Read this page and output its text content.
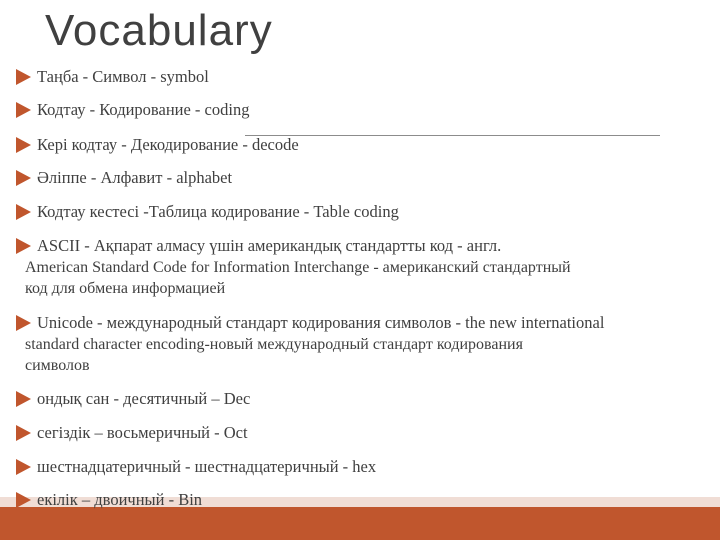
Vocabulary
Таңба - Символ - symbol
Кодтау - Кодирование - coding
Кері кодтау - Декодирование - decode
Әліппе - Алфавит - alphabet
Кодтау кестесі -Таблица кодирование - Table coding
ASCII - Ақпарат алмасу үшін американдық стандартты код - англ.
American Standard Code for Information Interchange - американский стандартный
код для обмена информацией
Unicode - международный стандарт кодирования символов - the new international
standard character encoding-новый международный стандарт кодирования
символов
ондық сан - десятичный – Dec
сегіздік – восьмеричный - Oct
шестнадцатеричный - шестнадцатеричный - hex
екілік – двоичный - Bin
